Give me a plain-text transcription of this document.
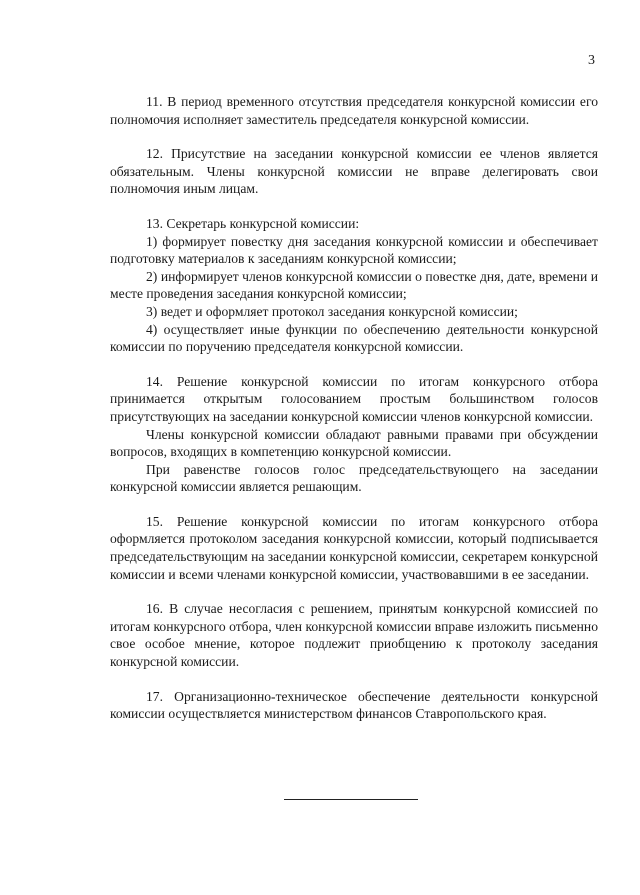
3

11. В период временного отсутствия председателя конкурсной комиссии его полномочия исполняет заместитель председателя конкурсной комиссии.

12. Присутствие на заседании конкурсной комиссии ее членов является обязательным. Члены конкурсной комиссии не вправе делегировать свои полномочия иным лицам.

13. Секретарь конкурсной комиссии:

1) формирует повестку дня заседания конкурсной комиссии и обеспечивает подготовку материалов к заседаниям конкурсной комиссии;

2) информирует членов конкурсной комиссии о повестке дня, дате, времени и месте проведения заседания конкурсной комиссии;

3) ведет и оформляет протокол заседания конкурсной комиссии;

4) осуществляет иные функции по обеспечению деятельности конкурсной комиссии по поручению председателя конкурсной комиссии.

14. Решение конкурсной комиссии по итогам конкурсного отбора принимается открытым голосованием простым большинством голосов присутствующих на заседании конкурсной комиссии членов конкурсной комиссии.

Члены конкурсной комиссии обладают равными правами при обсуждении вопросов, входящих в компетенцию конкурсной комиссии.

При равенстве голосов голос председательствующего на заседании конкурсной комиссии является решающим.

15. Решение конкурсной комиссии по итогам конкурсного отбора оформляется протоколом заседания конкурсной комиссии, который подписывается председательствующим на заседании конкурсной комиссии, секретарем конкурсной комиссии и всеми членами конкурсной комиссии, участвовавшими в ее заседании.

16. В случае несогласия с решением, принятым конкурсной комиссией по итогам конкурсного отбора, член конкурсной комиссии вправе изложить письменно свое особое мнение, которое подлежит приобщению к протоколу заседания конкурсной комиссии.

17. Организационно-техническое обеспечение деятельности конкурсной комиссии осуществляется министерством финансов Ставропольского края.
